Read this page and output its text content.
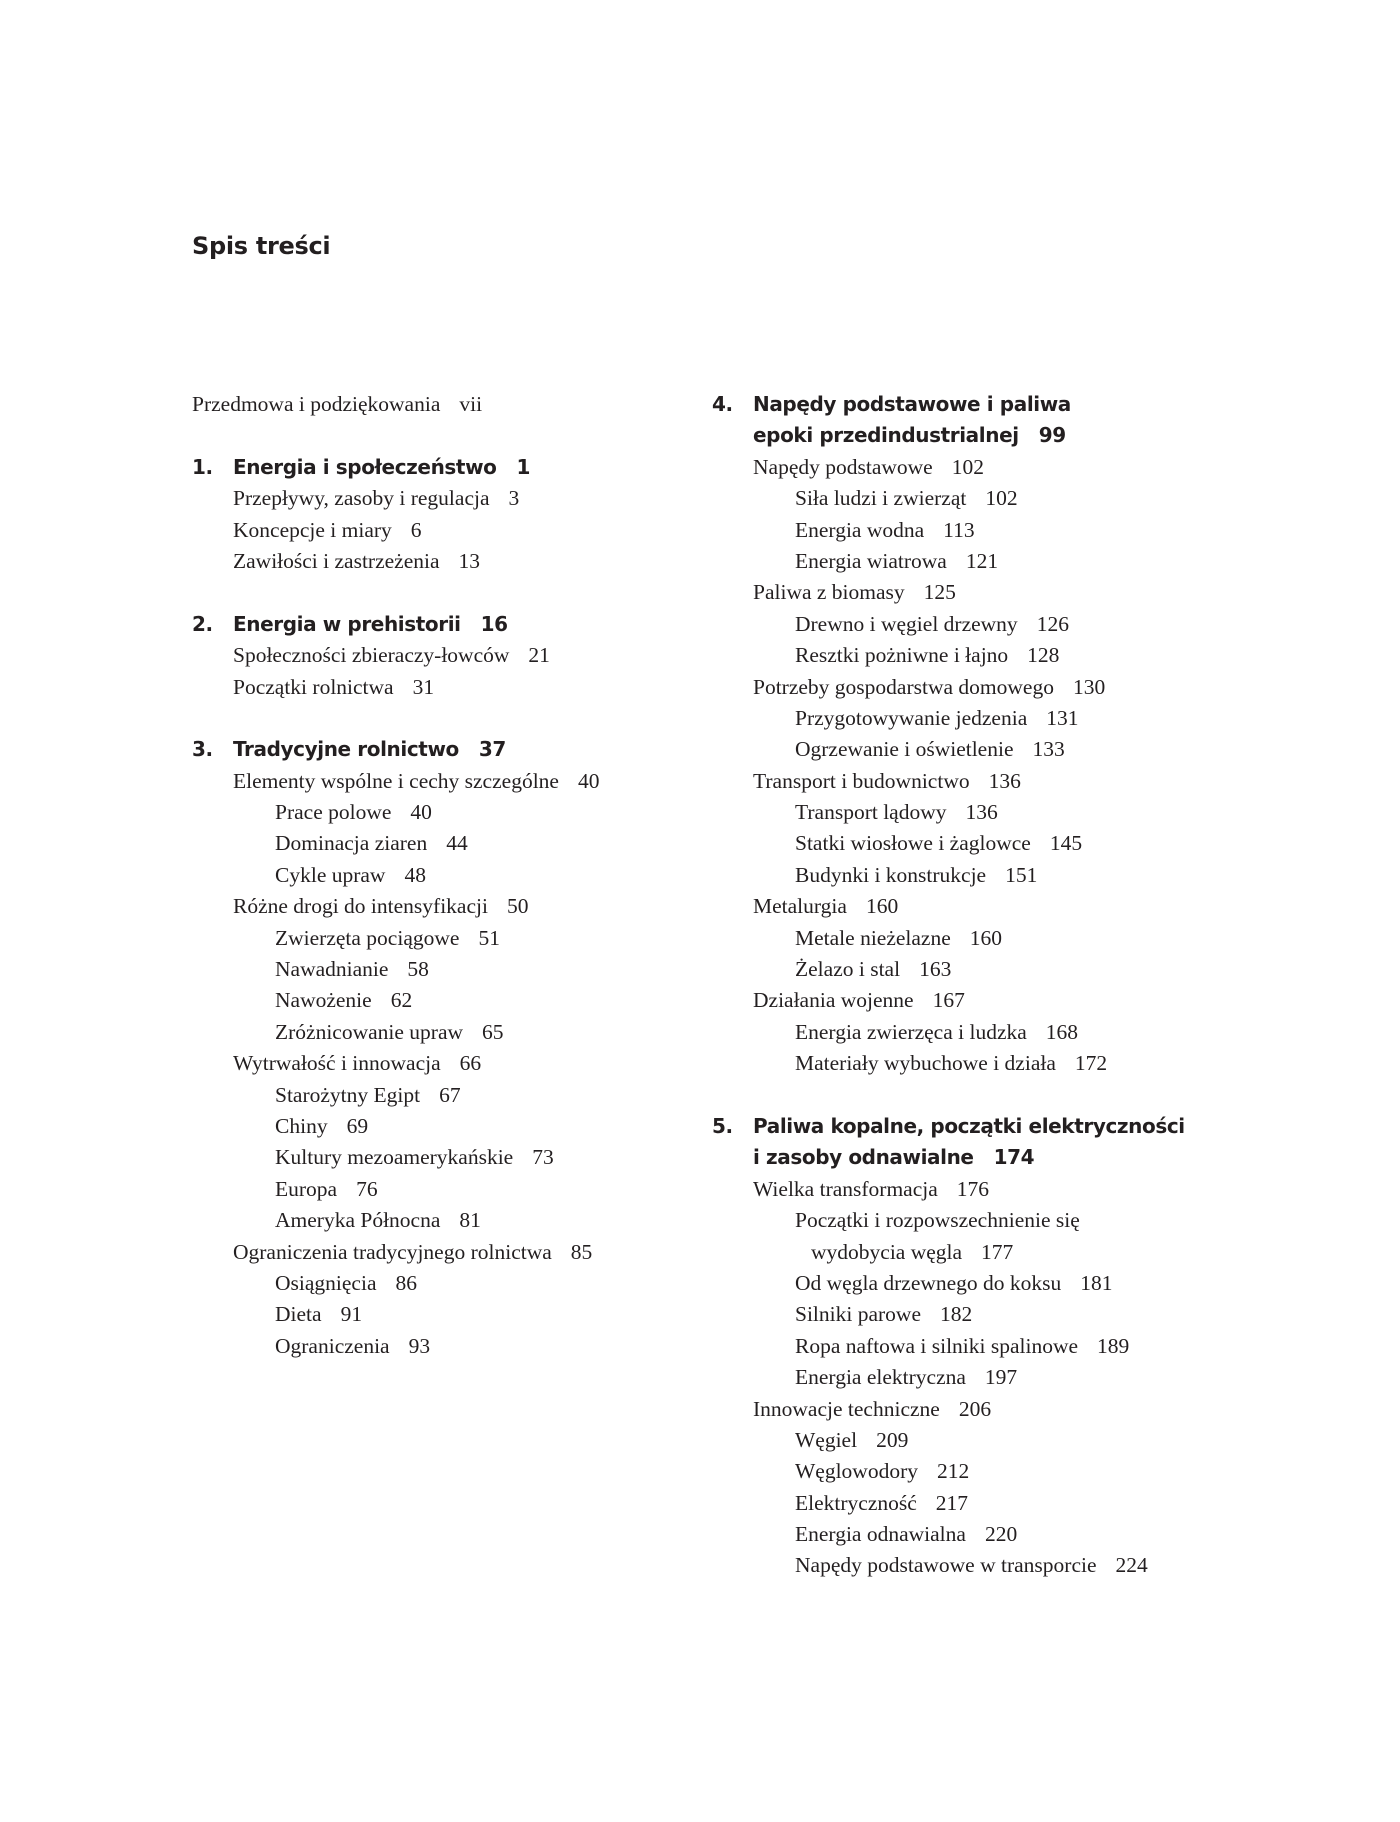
Spis treści
Przedmowa i podziękowania vii
1. Energia i społeczeństwo 1
Przepływy, zasoby i regulacja 3
Koncepcje i miary 6
Zawiłości i zastrzeżenia 13
2. Energia w prehistorii 16
Społeczności zbieraczy-łowców 21
Początki rolnictwa 31
3. Tradycyjne rolnictwo 37
Elementy wspólne i cechy szczególne 40
Prace polowe 40
Dominacja ziaren 44
Cykle upraw 48
Różne drogi do intensyfikacji 50
Zwierzęta pociągowe 51
Nawadnianie 58
Nawożenie 62
Zróżnicowanie upraw 65
Wytrwałość i innowacja 66
Starożytny Egipt 67
Chiny 69
Kultury mezoamerykańskie 73
Europa 76
Ameryka Północna 81
Ograniczenia tradycyjnego rolnictwa 85
Osiągnięcia 86
Dieta 91
Ograniczenia 93
4. Napędy podstawowe i paliwa
epoki przedindustrialnej 99
Napędy podstawowe 102
Siła ludzi i zwierząt 102
Energia wodna 113
Energia wiatrowa 121
Paliwa z biomasy 125
Drewno i węgiel drzewny 126
Resztki pożniwne i łajno 128
Potrzeby gospodarstwa domowego 130
Przygotowywanie jedzenia 131
Ogrzewanie i oświetlenie 133
Transport i budownictwo 136
Transport lądowy 136
Statki wiosłowe i żaglowce 145
Budynki i konstrukcje 151
Metalurgia 160
Metale nieżelazne 160
Żelazo i stal 163
Działania wojenne 167
Energia zwierzęca i ludzka 168
Materiały wybuchowe i działa 172
5. Paliwa kopalne, początki elektryczności
i zasoby odnawialne 174
Wielka transformacja 176
Początki i rozpowszechnienie się
wydobycia węgla 177
Od węgla drzewnego do koksu 181
Silniki parowe 182
Ropa naftowa i silniki spalinowe 189
Energia elektryczna 197
Innowacje techniczne 206
Węgiel 209
Węglowodory 212
Elektryczność 217
Energia odnawialna 220
Napędy podstawowe w transporcie 224
